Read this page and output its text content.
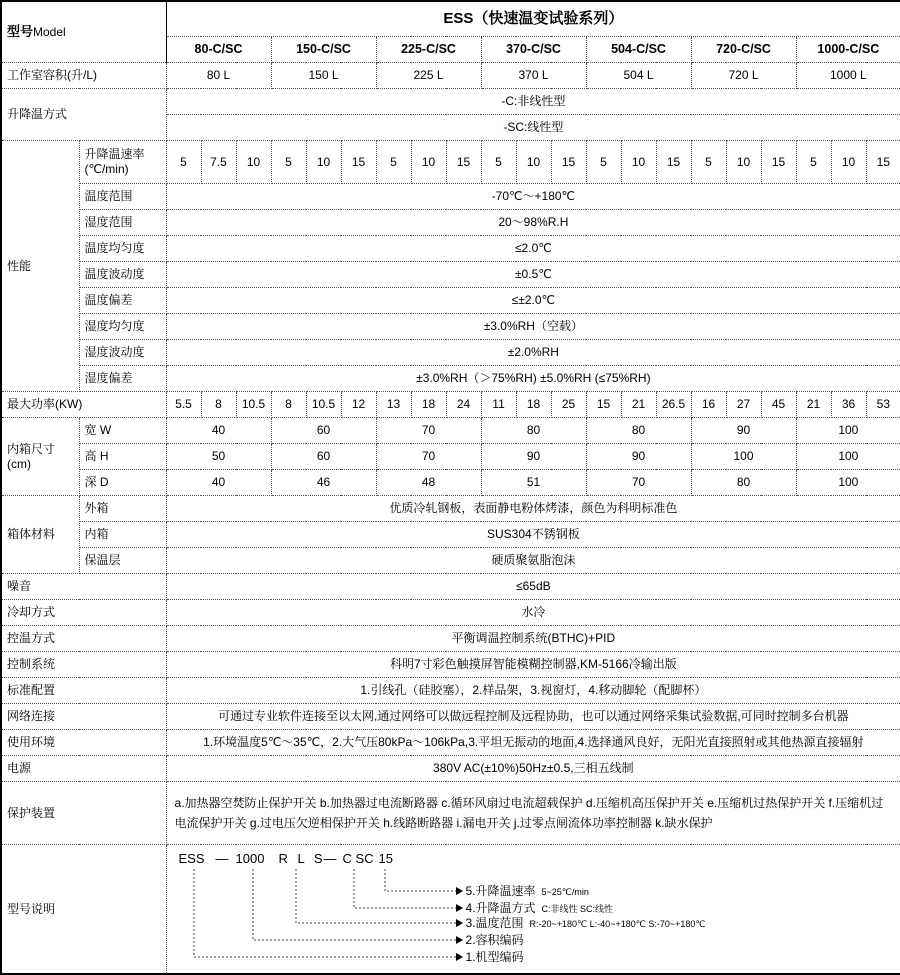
型号Model		ESS（快速温变试验系列）																				
		80-C/SC			150-C/SC			225-C/SC			370-C/SC			504-C/SC			720-C/SC			1000-C/SC		
工作室容积(升/L)		80 L			150 L			225 L			370 L			504 L			720 L			1000 L		
升降温方式		-C:非线性型																				
		-SC:线性型																				
性能	升降温速率
(℃/min)	5	7.5	10	5	10	15	5	10	15	5	10	15	5	10	15	5	10	15	5	10	15
	温度范围	-70℃～+180℃																				
	湿度范围	20～98%R.H																				
	温度均匀度	≤2.0℃																				
	温度波动度	±0.5℃																				
	温度偏差	≤±2.0℃																				
	湿度均匀度	±3.0%RH（空载）																				
	湿度波动度	±2.0%RH																				
	湿度偏差	±3.0%RH（＞75%RH) ±5.0%RH (≤75%RH)																				
最大功率(KW)		5.5	8	10.5	8	10.5	12	13	18	24	11	18	25	15	21	26.5	16	27	45	21	36	53
内箱尺寸
(cm)	宽 W	40			60			70			80			80			90			100		
	高 H	50			60			70			90			90			100			100		
	深 D	40			46			48			51			70			80			100		
箱体材料	外箱	优质冷轧钢板，表面静电粉体烤漆，颜色为科明标准色																				
	内箱	SUS304不锈钢板																				
	保温层	硬质聚氨脂泡沫																				
噪音		≤65dB																				
冷却方式		水冷																				
控温方式		平衡调温控制系统(BTHC)+PID																				
控制系统		科明7寸彩色触摸屏智能模糊控制器,KM-5166冷输出版																				
标准配置		1.引线孔（硅胶塞），2.样品架，3.视窗灯，4.移动脚轮（配脚杯）																				
网络连接		可通过专业软件连接至以太网,通过网络可以做远程控制及远程协助，也可以通过网络采集试验数据,可同时控制多台机器																				
使用环境		1.环境温度5℃～35℃，2.大气压80kPa～106kPa,3.平坦无振动的地面,4.选择通风良好，无阳光直接照射或其他热源直接辐射																				
电源		380V AC(±10%)50Hz±0.5,三相五线制																				
保护装置		a.加热器空焚防止保护开关 b.加热器过电流断路器 c.循环风扇过电流超载保护 d.压缩机高压保护开关 e.压缩机过热保护开关 f.压缩机过电流保护开关 g.过电压欠逆相保护开关 h.线路断路器 i.漏电开关 j.过零点闸流体功率控制器 k.缺水保护																				
型号说明	
ESS — 1000 R L S
— C SC 15
5.升降温速率 5~25℃/min
4.升降温方式 C:非线性 SC:线性
3.温度范围 R:-20~+180℃ L:-40~+180℃ S:-70~+180℃
2.容积编码
1.机型编码
